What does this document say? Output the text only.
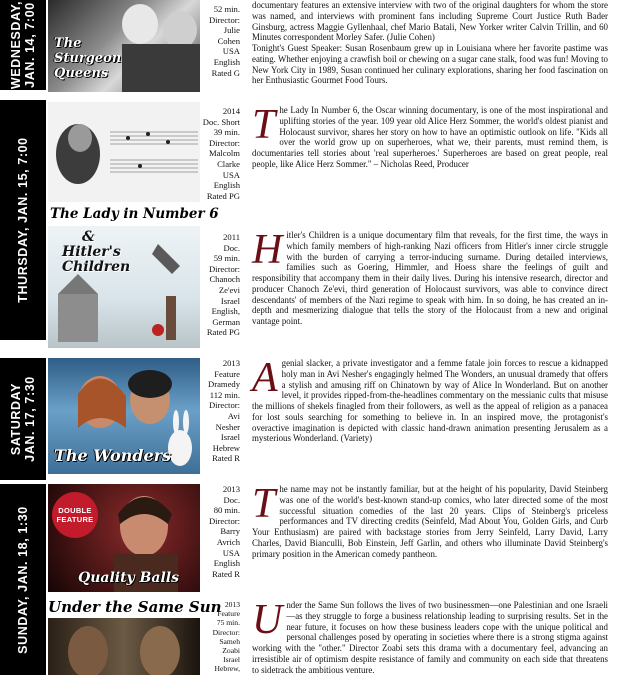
WEDNESDAY, JAN. 14, 7:00
THURSDAY, JAN. 15, 7:00
SATURDAY JAN. 17, 7:30
SUNDAY, JAN. 18, 1:30
The
Sturgeon
Queens
52 min.
Director:
Julie
Cohen
USA
English
Rated G

documentary features an extensive interview with two of the original daughters for whom the store was named, and interviews with prominent fans including Supreme Court Justice Ruth Bader Ginsburg, actress Maggie Gyllenhaal, chef Mario Batali, New Yorker writer Calvin Trillin, and 60 Minutes correspondent Morley Safer. (Julie Cohen)

Tonight's Guest Speaker: Susan Rosenbaum grew up in Louisiana where her favorite pastime was eating. Whether enjoying a crawfish boil or chewing on a sugar cane stalk, food was fun! Moving to New York City in 1989, Susan continued her culinary explorations, sharing her food fascination on her Enthusiastic Gourmet Food Tours.

The Lady in Number 6
2014
Doc. Short
39 min.
Director:
Malcolm
Clarke
USA
English
Rated PG
T he Lady In Number 6, the Oscar winning documentary, is one of the most inspirational and uplifting stories of the year. 109 year old Alice Herz Sommer, the world's oldest pianist and Holocaust survivor, shares her story on how to have an optimistic outlook on life. "Kids all over the world grow up on superheroes, what we, their parents, must remind them, is documentaries tell stories about 'real superheroes.' Superheroes are based on great people, real people, like Alice Herz Sommer." – Nicholas Reed, Producer

&
Hitler's
Children
2011
Doc.
59 min.
Director:
Chanoch
Ze'evi
Israel
English,
German
Rated PG
H itler's Children is a unique documentary film that reveals, for the first time, the ways in which family members of high-ranking Nazi officers from Hitler's inner circle struggle with the burden of carrying a terror-inducing surname. During detailed interviews, families such as Goering, Himmler, and Hoess share the feelings of guilt and responsibility that accompany them in their daily lives. During his intensive research, director and producer Chanoch Ze'evi, third generation of Holocaust survivors, was able to convince direct descendants' of members of the Nazi regime to speak with him. In so doing, he has created an in-depth and mesmerizing dialogue that tells the story of the Holocaust from a new and original vantage point.

The Wonders
2013
Feature
Dramedy
112 min.
Director:
Avi
Nesher
Israel
Hebrew
Rated R
A genial slacker, a private investigator and a femme fatale join forces to rescue a kidnapped holy man in Avi Nesher's engagingly helmed The Wonders, an unusual dramedy that offers a stylish and amusing riff on Chinatown by way of Alice In Wonderland. But on another level, it provides ripped-from-the-headlines commentary on the messianic cults that misuse the millions of shekels finagled from their followers, as well as the appeal of religion as a panacea for lost souls searching for something to believe in. In an inspired move, the protagonist's overactive imagination is depicted with classic hand-drawn animation presenting Jerusalem as a mysterious Wonderland. (Variety)

DOUBLE
FEATURE
Quality Balls
2013
Doc.
80 min.
Director:
Barry
Avrich
USA
English
Rated R
T he name may not be instantly familiar, but at the height of his popularity, David Steinberg was one of the world's best-known stand-up comics, who later directed some of the most successful situation comedies of the last 20 years. Clips of Steinberg's priceless performances and TV directing credits (Seinfeld, Mad About You, Golden Girls, and Curb Your Enthusiasm) are paired with backstage stories from Jerry Seinfeld, Larry David, Larry Charles, David Bianculli, Bob Einstein, Jeff Garlin, and others who illuminate David Steinberg's primary position in the American comedy pantheon.

Under the Same Sun 2013
Feature
75 min.
Director:
Sameh
Zoabi
Israel
Hebrew,
U nder the Same Sun follows the lives of two businessmen—one Palestinian and one Israeli—as they struggle to forge a business relationship leading to surprising results. Set in the near future, it focuses on how these business leaders cope with the unique political and personal challenges posed by operating in societies where there is a strong stigma against working with the "other." Director Zoabi sets this drama with a documentary feel, advancing an irresistible air of optimism despite resistance of family and community on each side that threatens to sidetrack the ambitious venture.
